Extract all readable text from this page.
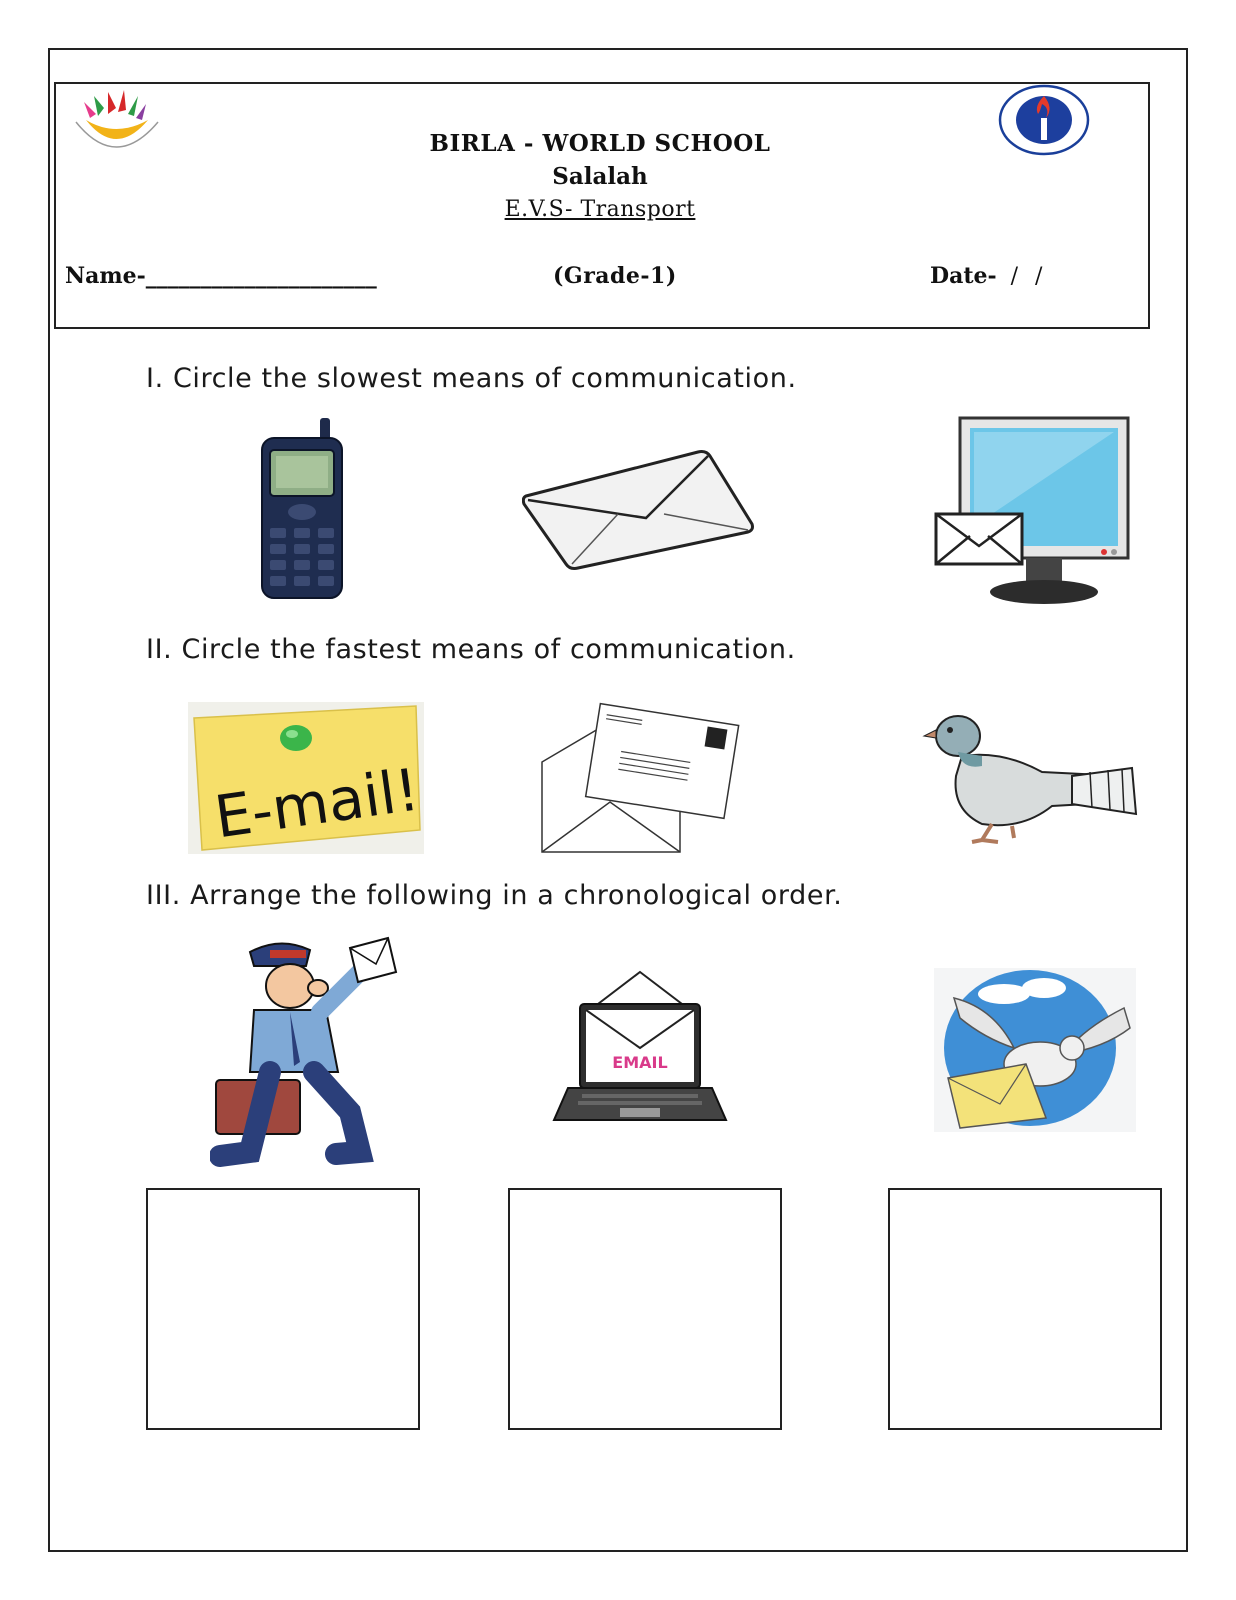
BIRLA - WORLD SCHOOL
Salalah
E.V.S- Transport
Name-_____________________	(Grade-1)	Date- / /
I. Circle the slowest means of communication.
II. Circle the fastest means of communication.
E-mail!
III. Arrange the following in a chronological order.
EMAIL
